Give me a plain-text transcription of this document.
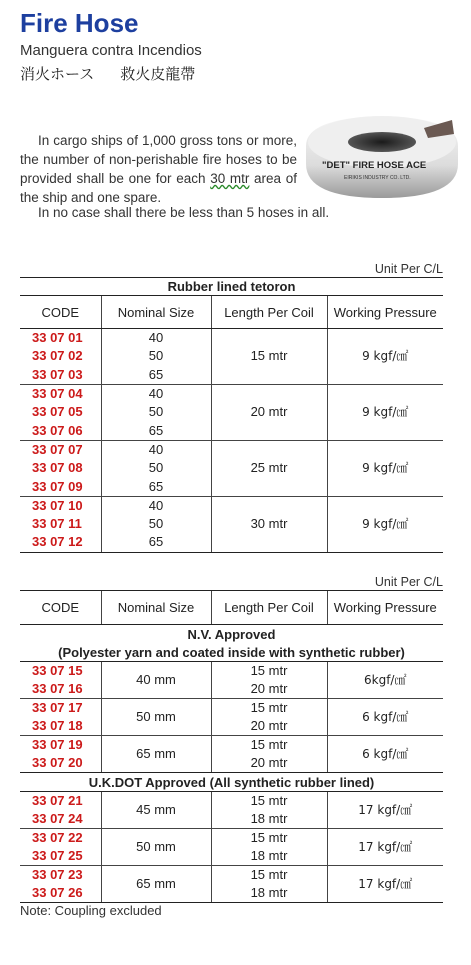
Fire Hose
Manguera contra Incendios
消火ホース 救火皮龍帶
In cargo ships of 1,000 gross tons or more, the number of non-perishable fire hoses to be provided shall be one for each 30 mtr area of the ship and one spare.
In no case shall there be less than 5 hoses in all.
"DET" FIRE HOSE ACE
EIRIKIS INDUSTRY CO. LTD.
Unit Per C/L
Rubber lined tetoron			
CODE	Nominal Size	Length Per Coil	Working Pressure
33 07 01	40	15 mtr	9 kgf/㎠
33 07 02	50		
33 07 03	65		
33 07 04	40	20 mtr	9 kgf/㎠
33 07 05	50		
33 07 06	65		
33 07 07	40	25 mtr	9 kgf/㎠
33 07 08	50		
33 07 09	65		
33 07 10	40	30 mtr	9 kgf/㎠
33 07 11	50		
33 07 12	65		
Unit Per C/L
CODE	Nominal Size	Length Per Coil	Working Pressure
N.V. Approved			
(Polyester yarn and coated inside with synthetic rubber)			
33 07 15	40 mm	15 mtr	6kgf/㎠
33 07 16		20 mtr	
33 07 17	50 mm	15 mtr	6 kgf/㎠
33 07 18		20 mtr	
33 07 19	65 mm	15 mtr	6 kgf/㎠
33 07 20		20 mtr	
U.K.DOT Approved (All synthetic rubber lined)			
33 07 21	45 mm	15 mtr	17 kgf/㎠
33 07 24		18 mtr	
33 07 22	50 mm	15 mtr	17 kgf/㎠
33 07 25		18 mtr	
33 07 23	65 mm	15 mtr	17 kgf/㎠
33 07 26		18 mtr	
Note: Coupling excluded
